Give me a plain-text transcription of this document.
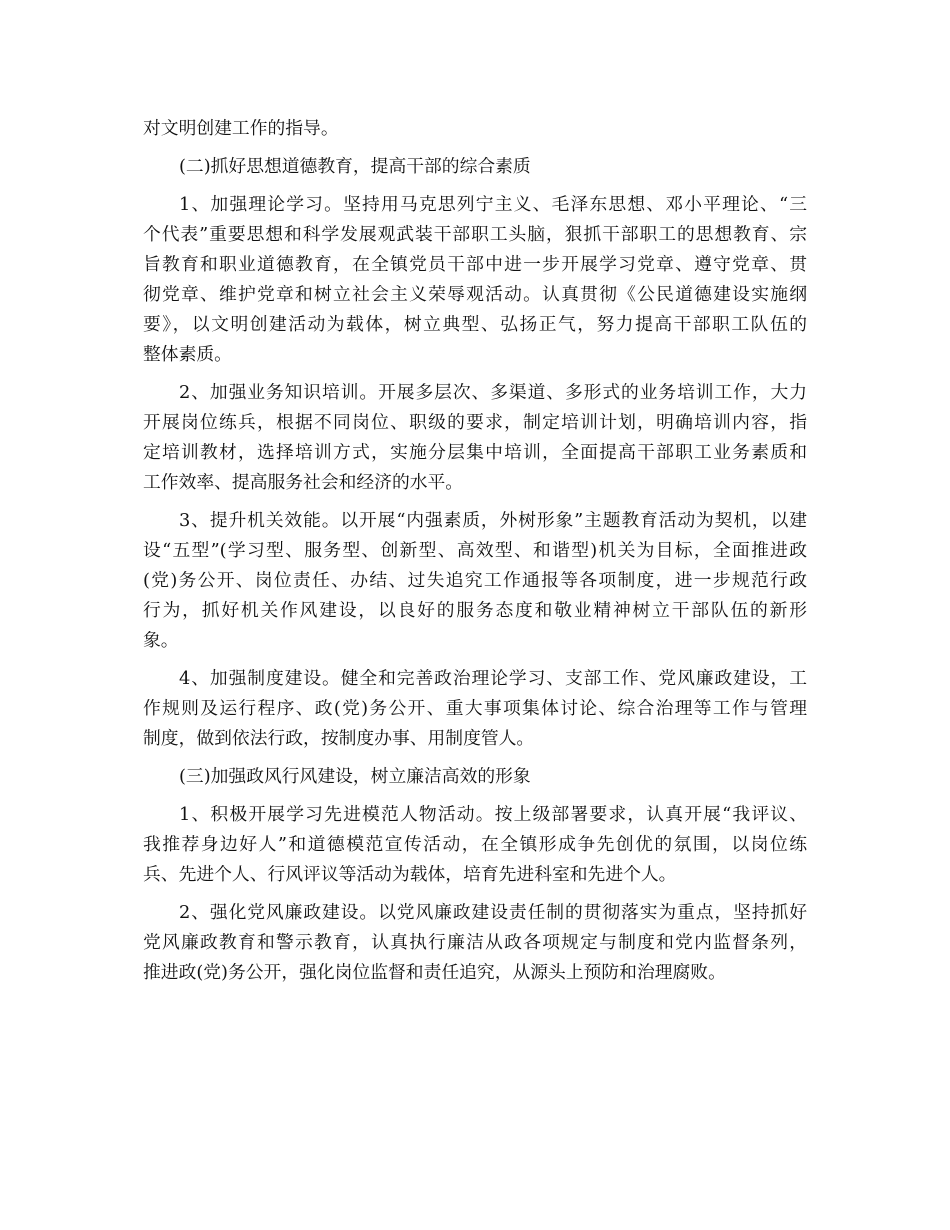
对文明创建工作的指导。
(二)抓好思想道德教育，提高干部的综合素质
1、加强理论学习。坚持用马克思列宁主义、毛泽东思想、邓小平理论、“三
个代表”重要思想和科学发展观武装干部职工头脑，狠抓干部职工的思想教育、宗
旨教育和职业道德教育，在全镇党员干部中进一步开展学习党章、遵守党章、贯
彻党章、维护党章和树立社会主义荣辱观活动。认真贯彻《公民道德建设实施纲
要》，以文明创建活动为载体，树立典型、弘扬正气，努力提高干部职工队伍的
整体素质。
2、加强业务知识培训。开展多层次、多渠道、多形式的业务培训工作，大力
开展岗位练兵，根据不同岗位、职级的要求，制定培训计划，明确培训内容，指
定培训教材，选择培训方式，实施分层集中培训，全面提高干部职工业务素质和
工作效率、提高服务社会和经济的水平。
3、提升机关效能。以开展“内强素质，外树形象”主题教育活动为契机，以建
设“五型”(学习型、服务型、创新型、高效型、和谐型)机关为目标，全面推进政
(党)务公开、岗位责任、办结、过失追究工作通报等各项制度，进一步规范行政
行为，抓好机关作风建设，以良好的服务态度和敬业精神树立干部队伍的新形
象。
4、加强制度建设。健全和完善政治理论学习、支部工作、党风廉政建设，工
作规则及运行程序、政(党)务公开、重大事项集体讨论、综合治理等工作与管理
制度，做到依法行政，按制度办事、用制度管人。
(三)加强政风行风建设，树立廉洁高效的形象
1、积极开展学习先进模范人物活动。按上级部署要求，认真开展“我评议、
我推荐身边好人”和道德模范宣传活动，在全镇形成争先创优的氛围，以岗位练
兵、先进个人、行风评议等活动为载体，培育先进科室和先进个人。
2、强化党风廉政建设。以党风廉政建设责任制的贯彻落实为重点，坚持抓好
党风廉政教育和警示教育，认真执行廉洁从政各项规定与制度和党内监督条列，
推进政(党)务公开，强化岗位监督和责任追究，从源头上预防和治理腐败。
